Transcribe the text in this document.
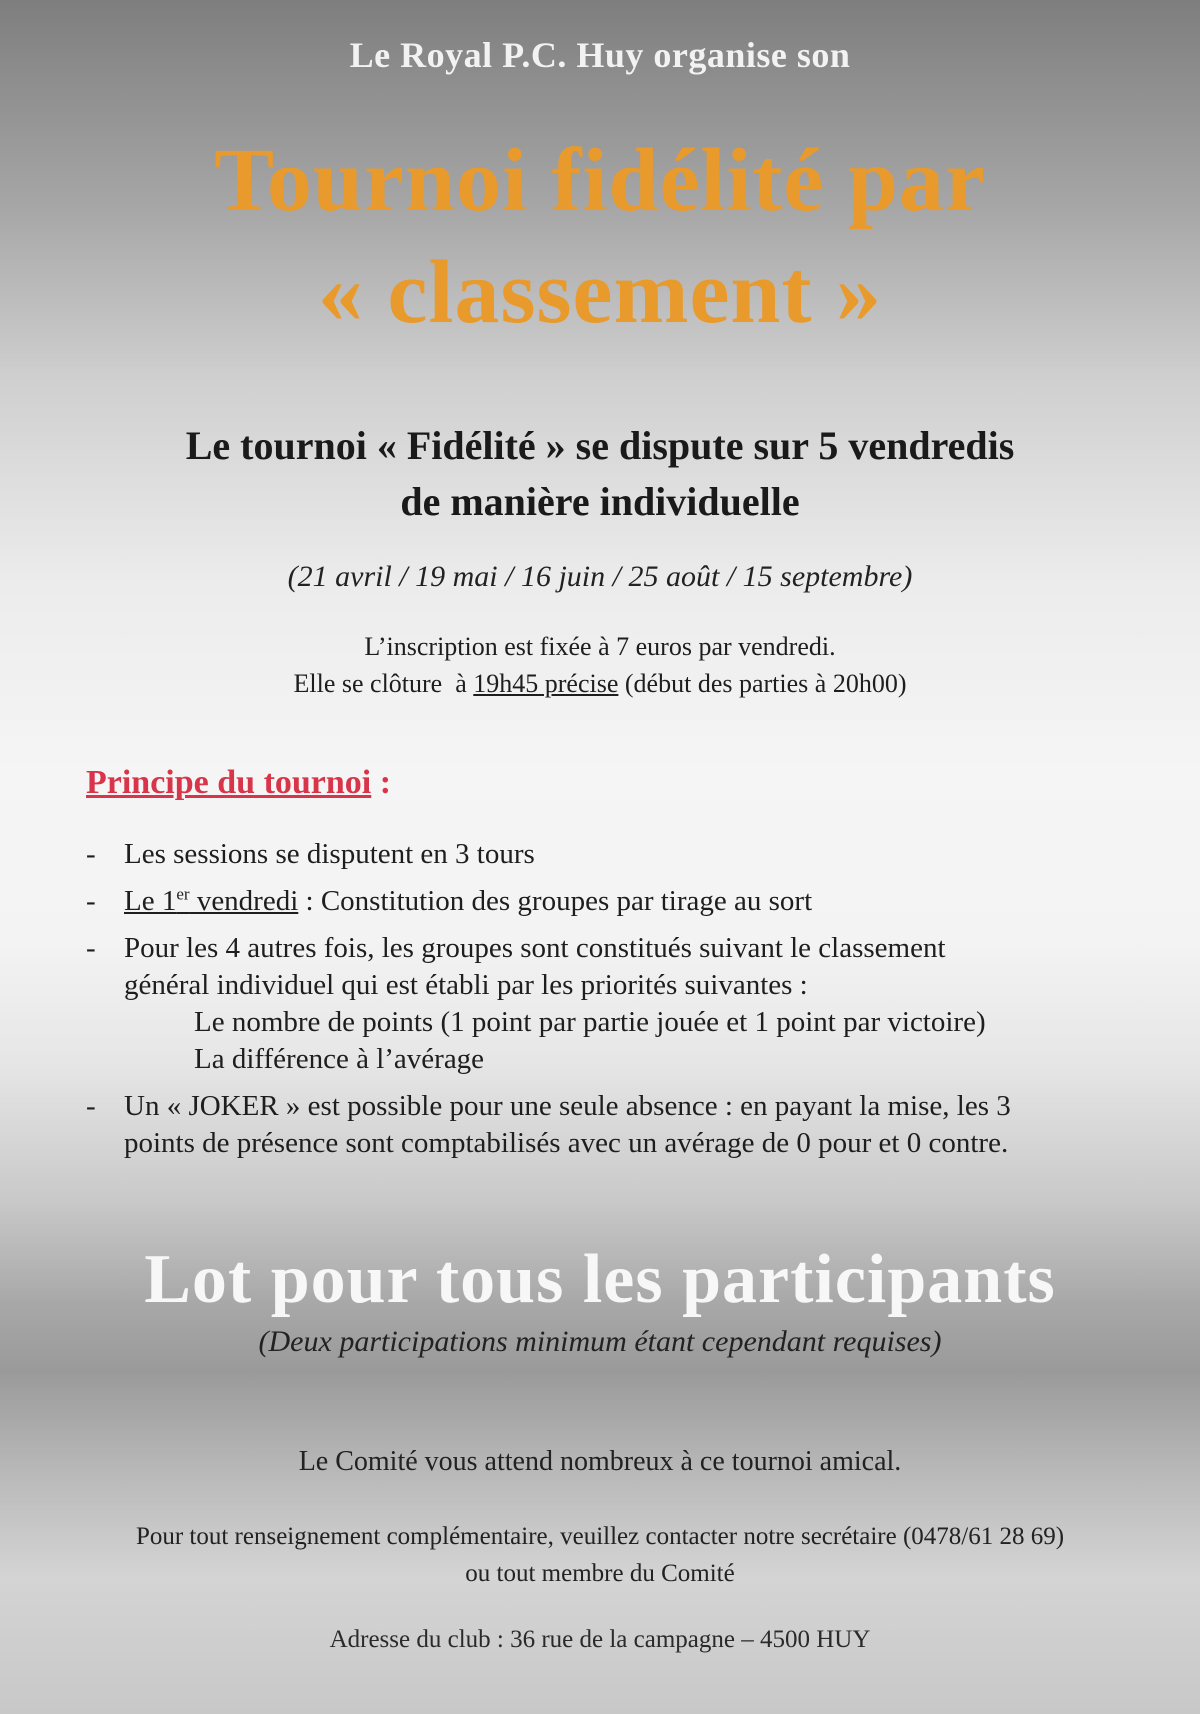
Le Royal P.C. Huy organise son
Tournoi fidélité par
« classement »
Le tournoi « Fidélité » se dispute sur 5 vendredis
de manière individuelle
(21 avril / 19 mai / 16 juin / 25 août / 15 septembre)
L’inscription est fixée à 7 euros par vendredi.
Elle se clôture  à 19h45 précise (début des parties à 20h00)
Principe du tournoi :
- Les sessions se disputent en 3 tours
- Le 1er vendredi : Constitution des groupes par tirage au sort
- Pour les 4 autres fois, les groupes sont constitués suivant le classement
général individuel qui est établi par les priorités suivantes :
Le nombre de points (1 point par partie jouée et 1 point par victoire)
La différence à l’avérage
- Un « JOKER » est possible pour une seule absence : en payant la mise, les 3
points de présence sont comptabilisés avec un avérage de 0 pour et 0 contre.
Lot pour tous les participants
(Deux participations minimum étant cependant requises)
Le Comité vous attend nombreux à ce tournoi amical.
Pour tout renseignement complémentaire, veuillez contacter notre secrétaire (0478/61 28 69)
ou tout membre du Comité
Adresse du club : 36 rue de la campagne – 4500 HUY
